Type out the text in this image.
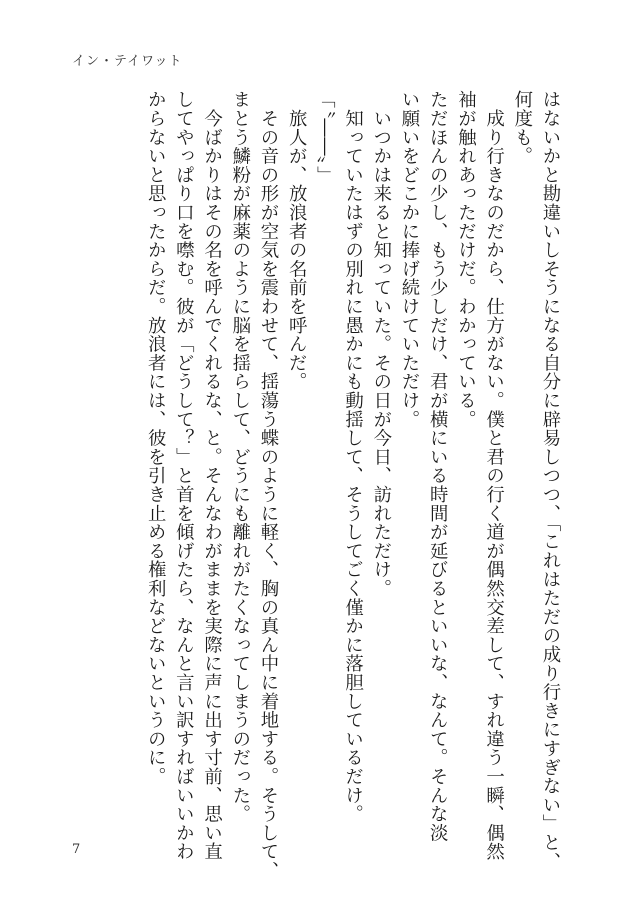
イン・テイワット
はないかと勘違いしそうになる自分に辟易しつつ、「これはただの成り行きにすぎない」と、
何度も。
　成り行きなのだから、仕方がない。僕と君の行く道が偶然交差して、すれ違う一瞬、偶然
袖が触れあっただけだ。わかっている。
ただほんの少し、もう少しだけ、君が横にいる時間が延びるといいな、なんて。そんな淡
い願いをどこかに捧げ続けていただけ。
　いつかは来ると知っていた。その日が今日、訪れただけ。
　知っていたはずの別れに愚かにも動揺して、そうしてごく僅かに落胆しているだけ。
「〝――〟」
　旅人が、放浪者の名前を呼んだ。
　その音の形が空気を震わせて、揺蕩う蝶のように軽く、胸の真ん中に着地する。そうして、
まとう鱗粉が麻薬のように脳を揺らして、どうにも離れがたくなってしまうのだった。
　今ばかりはその名を呼んでくれるな、と。そんなわがままを実際に声に出す寸前、思い直
してやっぱり口を噤む。彼が「どうして？」と首を傾げたら、なんと言い訳すればいいかわ
からないと思ったからだ。放浪者には、彼を引き止める権利などないというのに。
7
